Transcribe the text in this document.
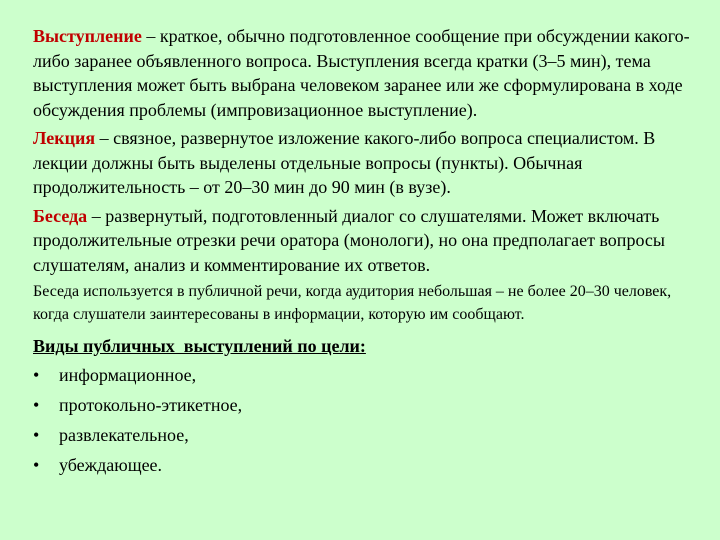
Выступление – краткое, обычно подготовленное сообщение при обсуждении какого-либо заранее объявленного вопроса. Выступления всегда кратки (3–5 мин), тема выступления может быть выбрана человеком заранее или же сформулирована в ходе обсуждения проблемы (импровизационное выступление).

Лекция – связное, развернутое изложение какого-либо вопроса специалистом. В лекции должны быть выделены отдельные вопросы (пункты). Обычная продолжительность – от 20–30 мин до 90 мин (в вузе).

Беседа – развернутый, подготовленный диалог со слушателями. Может включать продолжительные отрезки речи оратора (монологи), но она предполагает вопросы слушателям, анализ и комментирование их ответов.

Беседа используется в публичной речи, когда аудитория небольшая – не более 20–30 человек, когда слушатели заинтересованы в информации, которую им сообщают.

Виды публичных  выступлений по цели:

• информационное,
• протокольно-этикетное,
• развлекательное,
• убеждающее.
